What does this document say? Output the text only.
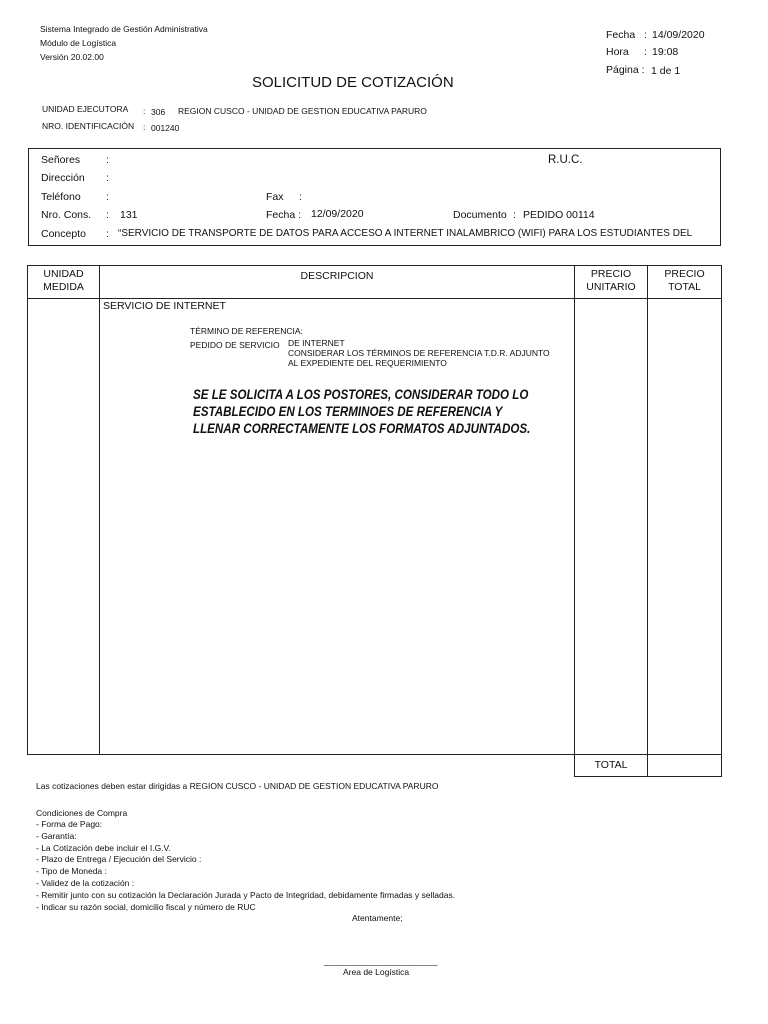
Sistema Integrado de Gestión Administrativa
Módulo de Logística
Versión 20.02.00
Fecha : 14/09/2020
Hora : 19:08
Página : 1 de 1
SOLICITUD DE COTIZACIÓN
UNIDAD EJECUTORA : 306 REGION CUSCO - UNIDAD DE GESTION EDUCATIVA PARURO
NRO. IDENTIFICACIÓN : 001240
Señores :
Dirección :
Teléfono :
Nro. Cons. : 131
Concepto : “SERVICIO DE TRANSPORTE DE DATOS PARA ACCESO A INTERNET INALAMBRICO (WIFI) PARA LOS ESTUDIANTES DEL
R.U.C.
Fax :
Fecha : 12/09/2020	Documento : PEDIDO 00114
UNIDAD
MEDIDA
DESCRIPCION	PRECIO
UNITARIO
PRECIO
TOTAL
SERVICIO DE INTERNET
TÉRMINO DE REFERENCIA:
PEDIDO DE SERVICIO DE INTERNET
CONSIDERAR LOS TÉRMINOS DE REFERENCIA T.D.R. ADJUNTO
AL EXPEDIENTE DEL REQUERIMIENTO
SE LE SOLICITA A LOS POSTORES, CONSIDERAR TODO LO
ESTABLECIDO EN LOS TERMINOES DE REFERENCIA Y
LLENAR CORRECTAMENTE LOS FORMATOS ADJUNTADOS.
TOTAL
Las cotizaciones deben estar dirigidas a REGION CUSCO - UNIDAD DE GESTION EDUCATIVA PARURO
Condiciones de Compra
- Forma de Pago:
- Garantía:
- La Cotización debe incluir el I.G.V.
- Plazo de Entrega / Ejecución del Servicio :
- Tipo de Moneda :
- Validez de la cotización :
- Remitir junto con su cotización la Declaración Jurada y Pacto de Integridad, debidamente firmadas y selladas.
- Indicar su razón social, domicilio fiscal y número de RUC
Atentamente;
________________________
Area de Logística
